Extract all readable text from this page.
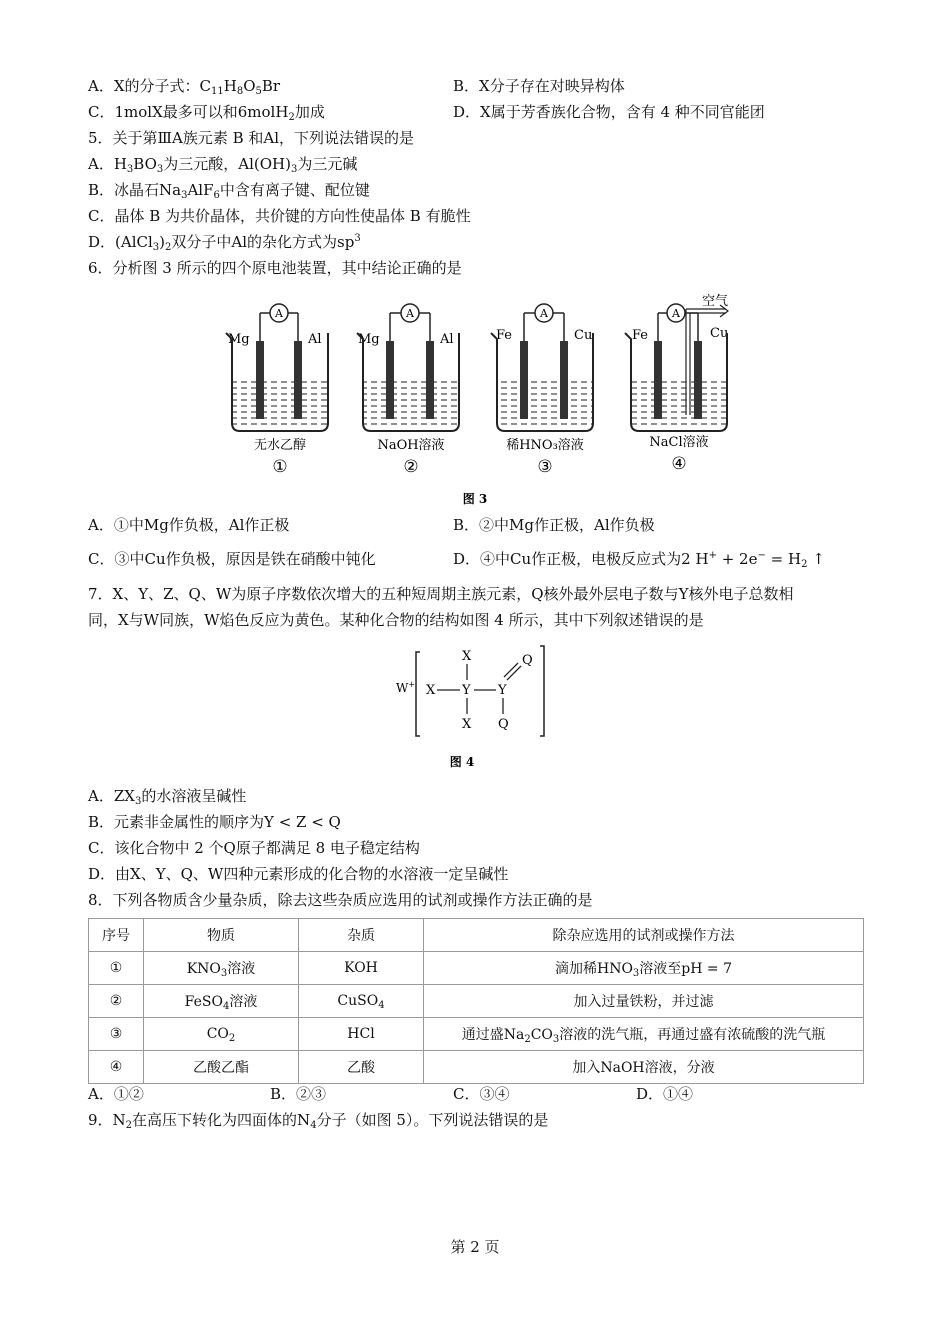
A．X的分子式：$C_{11}H_8O_5Br$	B．X分子存在对映异构体
C．1molX最多可以和6molH$_2$加成	D．X属于芳香族化合物，含有 4 种不同官能团
5．关于第ⅢA族元素 B 和Al，下列说法错误的是
A．$H_3BO_3$为三元酸，$Al(OH)_3$为三元碱
B．冰晶石$Na_3AlF_6$中含有离子键、配位键
C．晶体 B 为共价晶体，共价键的方向性使晶体 B 有脆性
D．$(AlCl_3)_2$双分子中Al的杂化方式为$sp^3$
6．分析图 3 所示的四个原电池装置，其中结论正确的是
A
Mg	Al
无水乙醇
①
A
Mg	Al
NaOH溶液
②
A
Fe	Cu
稀HNO₃溶液
③
A
Fe	Cu
空气
NaCl溶液
④
图 3
A．①中Mg作负极，Al作正极	B．②中Mg作正极，Al作负极
C．③中Cu作负极，原因是铁在硝酸中钝化	D．④中Cu作正极，电极反应式为2 $H^+ + 2e^- = H_2$ ↑
7．X、Y、Z、Q、W为原子序数依次增大的五种短周期主族元素，Q核外最外层电子数与Y核外电子总数相
同，X与W同族，W焰色反应为黄色。某种化合物的结构如图 4 所示，其中下列叙述错误的是
W+ X Y
X
X
Y
Q
Q
图 4
A．$ZX_3$的水溶液呈碱性
B．元素非金属性的顺序为Y < Z < Q
C．该化合物中 2 个Q原子都满足 8 电子稳定结构
D．由X、Y、Q、W四种元素形成的化合物的水溶液一定呈碱性
8．下列各物质含少量杂质，除去这些杂质应选用的试剂或操作方法正确的是
序号	物质	杂质	除杂应选用的试剂或操作方法
①	$KNO_3$溶液	KOH	滴加稀$HNO_3$溶液至pH = 7
②	FeSO$_4$溶液	CuSO$_4$	加入过量铁粉，并过滤
③	$CO_2$	HCl	通过盛$Na_2CO_3$溶液的洗气瓶，再通过盛有浓硫酸的洗气瓶
④	乙酸乙酯	乙酸	加入NaOH溶液，分液
A．①②	B．②③	C．③④	D．①④
9．$N_2$在高压下转化为四面体的$N_4$分子（如图 5）。下列说法错误的是
第 2 页
